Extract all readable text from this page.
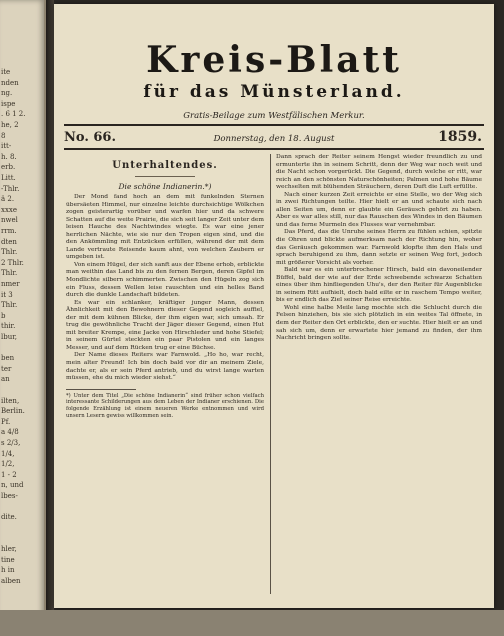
ite
nden
ng.
ispe
. 6 1 2.
he, 2
8
itt-
h. 8.
erb.
Litt.
-Thlr.
ä 2.
xxxe
nwel
rrm.
dten
Thlr.
2 Thlr.
Thlr.
nmer
it 3
Thlr.
b
thir.
lbur,
ben
ter
an
ilten,
Berlin.
Pf.
a 4/8
s 2/3,
1/4,
1/2,
1 - 2
n, und
lbes-
dite.
hler,
tine
h in
alben
Kreis-Blatt
für das Münsterland.
Gratis-Beilage zum Westfälischen Merkur.
No. 66.	Donnerstag, den 18. August	1859.
Unterhaltendes.
Die schöne Indianerin.*)

Der Mond fand hoch an dem mit funkelnden Sternen übersäeten Himmel, nur einzelne leichte durchsichtige Wölkchen zogen geisterartig vorüber und warfen hier und da schwere Schatten auf die weite Prairie, die sich seit langer Zeit unter dem leisen Hauche des Nachtwindes wiegte. Es war eine jener herrlichen Nächte, wie sie nur den Tropen eigen sind, und die den Ankömmling mit Entzücken erfüllen, während der mit dem Lande vertraute Reisende kaum ahnt, von welchen Zaubern er umgeben ist.

Von einem Hügel, der sich sanft aus der Ebene erhob, erblickte man weithin das Land bis zu den fernen Bergen, deren Gipfel im Mondlichte silbern schimmerten. Zwischen den Hügeln zog sich ein Fluss, dessen Wellen leise rauschten und ein helles Band durch die dunkle Landschaft bildeten.

Es war ein schlanker, kräftiger junger Mann, dessen Ähnlichkeit mit den Bewohnern dieser Gegend sogleich auffiel, der mit dem kühnen Blicke, der ihm eigen war, sich umsah. Er trug die gewöhnliche Tracht der Jäger dieser Gegend, einen Hut mit breiter Krempe, eine Jacke von Hirschleder und hohe Stiefel; in seinem Gürtel steckten ein paar Pistolen und ein langes Messer, und auf dem Rücken trug er eine Büchse.

Der Name dieses Reiters war Farnwold. „Ho ho, war recht, mein alter Freund! Ich bin doch bald vor dir an meinem Ziele, dachte er, als er sein Pferd antrieb, und du wirst lange warten müssen, ehe du mich wieder siehst.“

*) Unter dem Titel „Die schöne Indianerin“ sind früher schon vielfach interessante Schilderungen aus dem Leben der Indianer erschienen. Die folgende Erzählung ist einem neueren Werke entnommen und wird unsern Lesern gewiss willkommen sein.

Dann sprach der Reiter seinem Hengst wieder freundlich zu und ermunterte ihn in seinem Schritt, denn der Weg war noch weit und die Nacht schon vorgerückt. Die Gegend, durch welche er ritt, war reich an den schönsten Naturschönheiten; Palmen und hohe Bäume wechselten mit blühenden Sträuchern, deren Duft die Luft erfüllte.

Nach einer kurzen Zeit erreichte er eine Stelle, wo der Weg sich in zwei Richtungen teilte. Hier hielt er an und schaute sich nach allen Seiten um, denn er glaubte ein Geräusch gehört zu haben. Aber es war alles still, nur das Rauschen des Windes in den Bäumen und das ferne Murmeln des Flusses war vernehmbar.

Das Pferd, das die Unruhe seines Herrn zu fühlen schien, spitzte die Ohren und blickte aufmerksam nach der Richtung hin, woher das Geräusch gekommen war. Farnwold klopfte ihm den Hals und sprach beruhigend zu ihm, dann setzte er seinen Weg fort, jedoch mit größerer Vorsicht als vorher.

Bald war es ein unterbrochener Hirsch, bald ein davoneilender Büffel, bald der wie auf der Erde schwebende schwarze Schatten eines über ihm hinfliegenden Uhu's, der den Reiter für Augenblicke in seinem Ritt aufhielt, doch bald eilte er in raschem Tempo weiter, bis er endlich das Ziel seiner Reise erreichte.

Wohl eine halbe Meile lang mochte sich die Schlucht durch die Felsen hinziehen, bis sie sich plötzlich in ein weites Tal öffnete, in dem der Reiter den Ort erblickte, den er suchte. Hier hielt er an und sah sich um, denn er erwartete hier jemand zu finden, der ihm Nachricht bringen sollte.
